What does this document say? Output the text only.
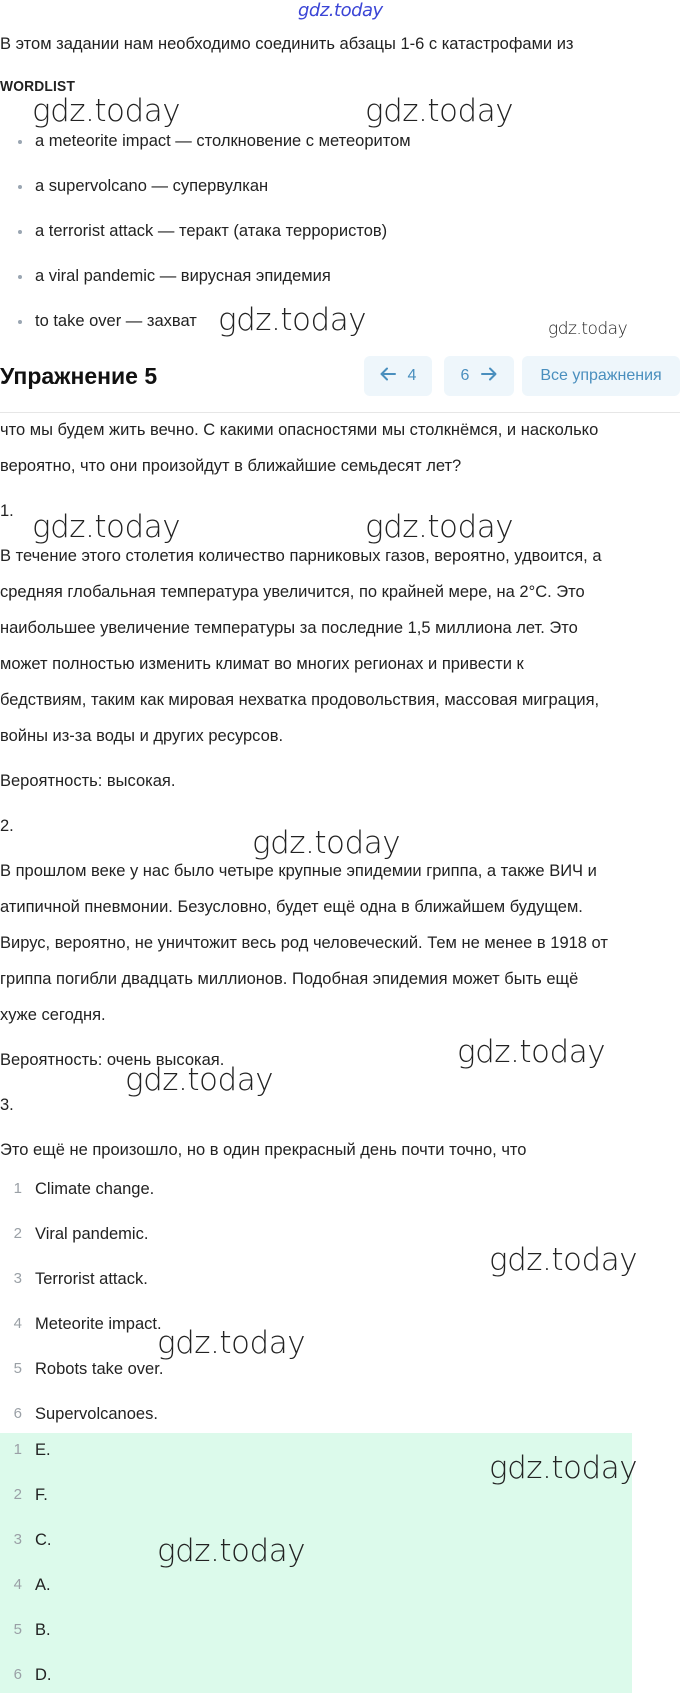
gdz.today
В этом задании нам необходимо соединить абзацы 1-6 с катастрофами из
WORDLIST
a meteorite impact — столкновение с метеоритом
a supervolcano — супервулкан
a terrorist attack — теракт (атака террористов)
a viral pandemic — вирусная эпидемия
to take over — захват
Упражнение 5	4	6	Все упражнения
что мы будем жить вечно. С какими опасностями мы столкнёмся, и насколько
вероятно, что они произойдут в ближайшие семьдесят лет?
1.
В течение этого столетия количество парниковых газов, вероятно, удвоится, а
средняя глобальная температура увеличится, по крайней мере, на 2°С. Это
наибольшее увеличение температуры за последние 1,5 миллиона лет. Это
может полностью изменить климат во многих регионах и привести к
бедствиям, таким как мировая нехватка продовольствия, массовая миграция,
войны из-за воды и других ресурсов.
Вероятность: высокая.
2.
В прошлом веке у нас было четыре крупные эпидемии гриппа, а также ВИЧ и
атипичной пневмонии. Безусловно, будет ещё одна в ближайшем будущем.
Вирус, вероятно, не уничтожит весь род человеческий. Тем не менее в 1918 от
гриппа погибли двадцать миллионов. Подобная эпидемия может быть ещё
хуже сегодня.
Вероятность: очень высокая.
3.
Это ещё не произошло, но в один прекрасный день почти точно, что
1 Climate change.
2 Viral pandemic.
3 Terrorist attack.
4 Meteorite impact.
5 Robots take over.
6 Supervolcanoes.
1 E.
2 F.
3 C.
4 A.
5 B.
6 D.
gdz.today	gdz.today
gdz.today	gdz.today
gdz.today	gdz.today
gdz.today
gdz.today
gdz.today
gdz.today
gdz.today
gdz.today
gdz.today
